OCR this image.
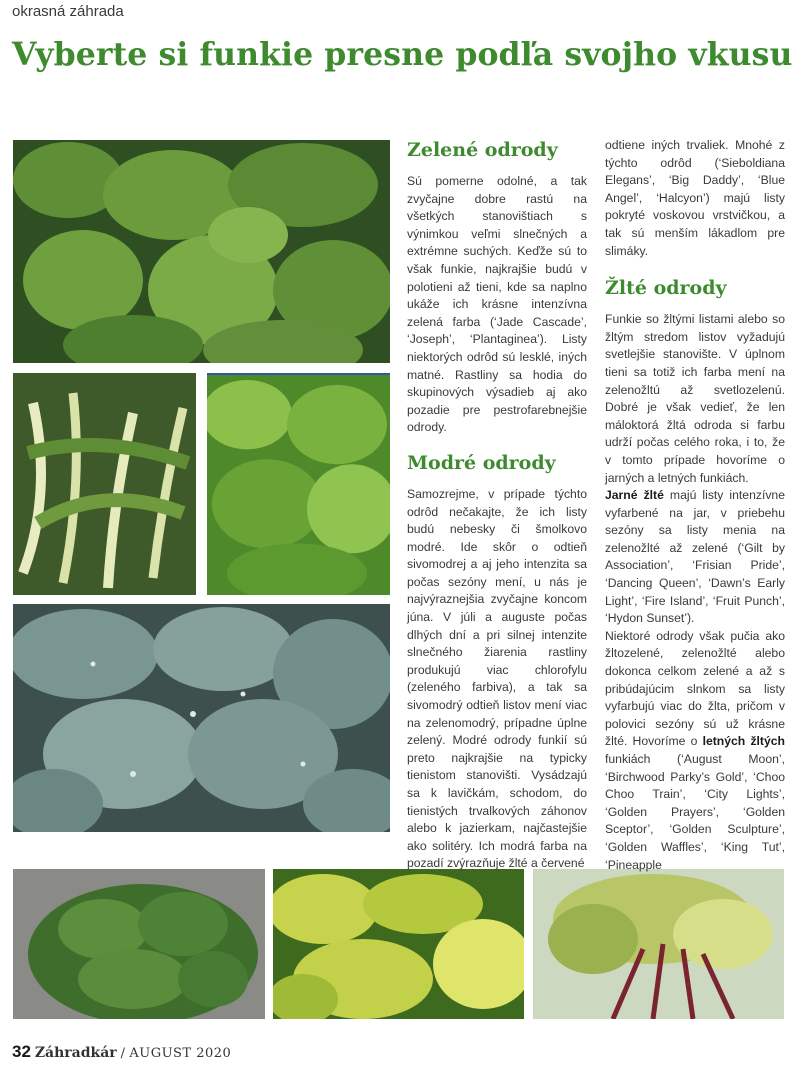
okrasná záhrada
Vyberte si funkie presne podľa svojho vkusu
Zelené odrody

Sú pomerne odolné, a tak zvyčajne dobre rastú na všetkých stanovištiach s výnimkou veľmi slnečných a extrémne suchých. Keďže sú to však funkie, najkrajšie budú v polotieni až tieni, kde sa naplno ukáže ich krásne intenzívna zelená farba (‘Jade Cascade’, ‘Joseph’, ‘Plantaginea’). Listy niektorých odrôd sú lesklé, iných matné. Rastliny sa hodia do skupinových výsadieb aj ako pozadie pre pestrofarebnejšie odrody.

Modré odrody

Samozrejme, v prípade týchto odrôd nečakajte, že ich listy budú nebesky či šmolkovo modré. Ide skôr o odtieň sivomodrej a aj jeho intenzita sa počas sezóny mení, u nás je najvýraznejšia zvyčajne koncom júna. V júli a auguste počas dlhých dní a pri silnej intenzite slnečného žiarenia rastliny produkujú viac chlorofylu (zeleného farbiva), a tak sa sivomodrý odtieň listov mení viac na zelenomodrý, prípadne úplne zelený. Modré odrody funkií sú preto najkrajšie na typicky tienistom stanovišti. Vysádzajú sa k lavičkám, schodom, do tienistých trvalkových záhonov alebo k jazierkam, najčastejšie ako solitéry. Ich modrá farba na pozadí zvýrazňuje žlté a červené

odtiene iných trvaliek. Mnohé z týchto odrôd (‘Sieboldiana Elegans’, ‘Big Daddy’, ‘Blue Angel’, ‘Halcyon’) majú listy pokryté voskovou vrstvičkou, a tak sú menším lákadlom pre slimáky.

Žlté odrody

Funkie so žltými listami alebo so žltým stredom listov vyžadujú svetlejšie stanovište. V úplnom tieni sa totiž ich farba mení na zelenožltú až svetlozelenú. Dobré je však vedieť, že len máloktorá žltá odroda si farbu udrží počas celého roka, i to, že v tomto prípade hovoríme o jarných a letných funkiách.

Jarné žlté majú listy intenzívne vyfarbené na jar, v priebehu sezóny sa listy menia na zelenožlté až zelené (‘Gilt by Association’, ‘Frisian Pride’, ‘Dancing Queen’, ‘Dawn’s Early Light’, ‘Fire Island’, ‘Fruit Punch’, ‘Hydon Sunset’).

Niektoré odrody však pučia ako žltozelené, zelenožlté alebo dokonca celkom zelené a až s pribúdajúcim slnkom sa listy vyfarbujú viac do žlta, pričom v polovici sezóny sú už krásne žlté. Hovoríme o letných žltých funkiách (‘August Moon’, ‘Birchwood Parky’s Gold’, ‘Choo Choo Train’, ‘City Lights’, ‘Golden Prayers’, ‘Golden Sceptor’, ‘Golden Sculpture’, ‘Golden Waffles’, ‘King Tut’, ‘Pineapple

32 Záhradkár / AUGUST 2020
